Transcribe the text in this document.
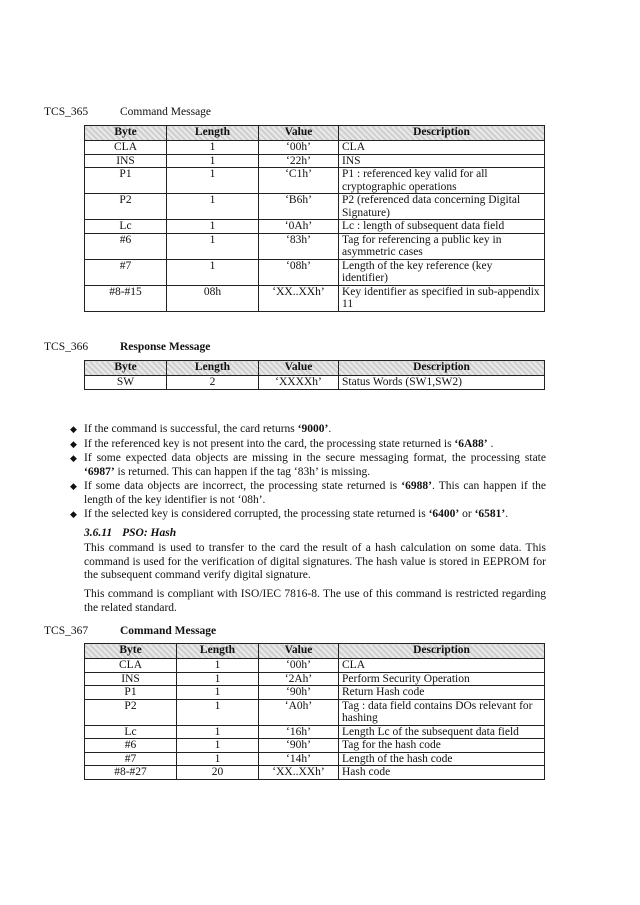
TCS_365	Command Message
Byte	Length	Value	Description
CLA	1	‘00h’	CLA
INS	1	‘22h’	INS
P1	1	‘C1h’	P1 : referenced key valid for all cryptographic operations
P2	1	‘B6h’	P2 (referenced data concerning Digital Signature)
Lc	1	‘0Ah’	Lc : length of subsequent data field
#6	1	‘83h’	Tag for referencing a public key in asymmetric cases
#7	1	‘08h’	Length of the key reference (key identifier)
#8-#15	08h	‘XX..XXh’	Key identifier as specified in sub-appendix 11
TCS_366	Response Message
Byte	Length	Value	Description
SW	2	‘XXXXh’	Status Words (SW1,SW2)
◆ If the command is successful, the card returns ‘9000’.
◆ If the referenced key is not present into the card, the processing state returned is ‘6A88’ .
◆ If some expected data objects are missing in the secure messaging format, the processing state ‘6987’ is returned. This can happen if the tag ‘83h’ is missing.
◆ If some data objects are incorrect, the processing state returned is ‘6988’. This can happen if the length of the key identifier is not ‘08h’.
◆ If the selected key is considered corrupted, the processing state returned is ‘6400’ or ‘6581’.
3.6.11 PSO: Hash

This command is used to transfer to the card the result of a hash calculation on some data. This command is used for the verification of digital signatures. The hash value is stored in EEPROM for the subsequent command verify digital signature.

This command is compliant with ISO/IEC 7816-8. The use of this command is restricted regarding the related standard.

TCS_367	Command Message
Byte	Length	Value	Description
CLA	1	‘00h’	CLA
INS	1	‘2Ah’	Perform Security Operation
P1	1	‘90h’	Return Hash code
P2	1	‘A0h’	Tag : data field contains DOs relevant for hashing
Lc	1	‘16h’	Length Lc of the subsequent data field
#6	1	‘90h’	Tag for the hash code
#7	1	‘14h’	Length of the hash code
#8-#27	20	‘XX..XXh’	Hash code
